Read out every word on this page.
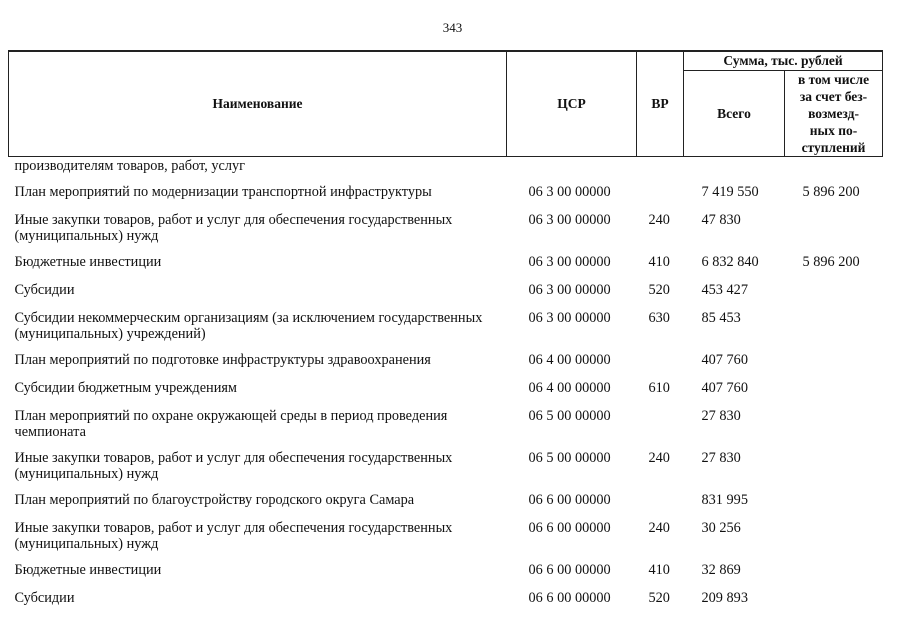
343
Наименование	ЦСР	ВР	Сумма, тыс. рублей	
			Всего	в том числе
за счет без-
возмезд-
ных по-
ступлений

производителям товаров, работ, услуг				
План мероприятий по модернизации транспортной инфраструктуры	06 3 00 00000		7 419 550	5 896 200
Иные закупки товаров, работ и услуг для обеспечения государственных (муниципальных) нужд	06 3 00 00000	240	47 830	
Бюджетные инвестиции	06 3 00 00000	410	6 832 840	5 896 200
Субсидии	06 3 00 00000	520	453 427	
Субсидии некоммерческим организациям (за исключением государственных (муниципальных) учреждений)	06 3 00 00000	630	85 453	
План мероприятий по подготовке инфраструктуры здравоохранения	06 4 00 00000		407 760	
Субсидии бюджетным учреждениям	06 4 00 00000	610	407 760	
План мероприятий по охране окружающей среды в период проведения чемпионата	06 5 00 00000		27 830	
Иные закупки товаров, работ и услуг для обеспечения государственных (муниципальных) нужд	06 5 00 00000	240	27 830	
План мероприятий по благоустройству городского округа Самара	06 6 00 00000		831 995	
Иные закупки товаров, работ и услуг для обеспечения государственных (муниципальных) нужд	06 6 00 00000	240	30 256	
Бюджетные инвестиции	06 6 00 00000	410	32 869	
Субсидии	06 6 00 00000	520	209 893	
